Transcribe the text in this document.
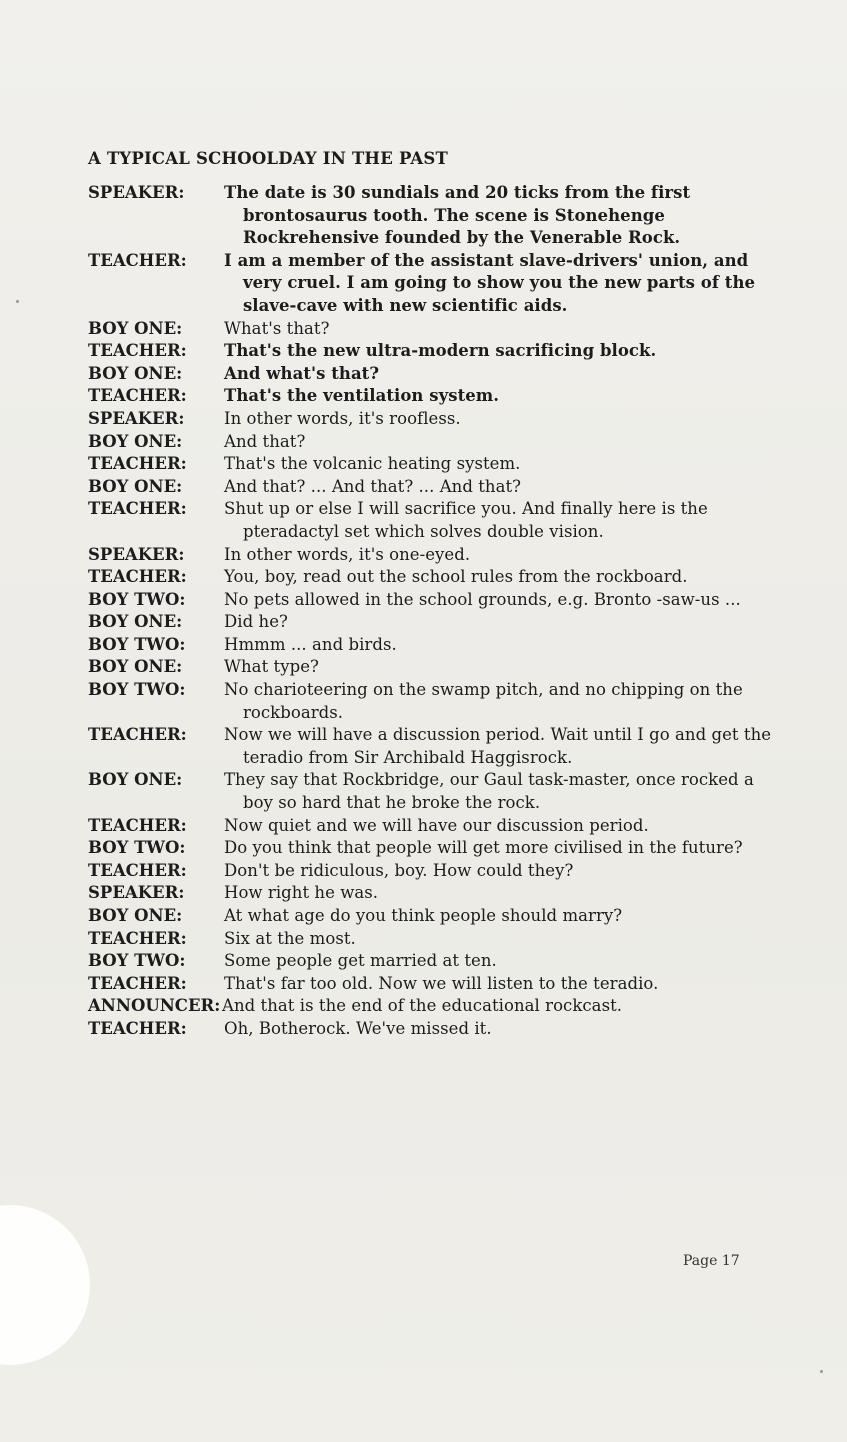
A TYPICAL SCHOOLDAY IN THE PAST
SPEAKER:	The date is 30 sundials and 20 ticks from the first brontosaurus tooth. The scene is Stonehenge Rockrehensive founded by the Venerable Rock.
TEACHER:	I am a member of the assistant slave-drivers' union, and very cruel. I am going to show you the new parts of the slave-cave with new scientific aids.
BOY ONE:	What's that?
TEACHER:	That's the new ultra-modern sacrificing block.
BOY ONE:	And what's that?
TEACHER:	That's the ventilation system.
SPEAKER:	In other words, it's roofless.
BOY ONE:	And that?
TEACHER:	That's the volcanic heating system.
BOY ONE:	And that? ... And that? ... And that?
TEACHER:	Shut up or else I will sacrifice you. And finally here is the pteradactyl set which solves double vision.
SPEAKER:	In other words, it's one-eyed.
TEACHER:	You, boy, read out the school rules from the rockboard.
BOY TWO:	No pets allowed in the school grounds, e.g. Bronto -saw-us ...
BOY ONE:	Did he?
BOY TWO:	Hmmm ... and birds.
BOY ONE:	What type?
BOY TWO:	No charioteering on the swamp pitch, and no chipping on the rockboards.
TEACHER:	Now we will have a discussion period. Wait until I go and get the teradio from Sir Archibald Haggisrock.
BOY ONE:	They say that Rockbridge, our Gaul task-master, once rocked a boy so hard that he broke the rock.
TEACHER:	Now quiet and we will have our discussion period.
BOY TWO:	Do you think that people will get more civilised in the future?
TEACHER:	Don't be ridiculous, boy. How could they?
SPEAKER:	How right he was.
BOY ONE:	At what age do you think people should marry?
TEACHER:	Six at the most.
BOY TWO:	Some people get married at ten.
TEACHER:	That's far too old. Now we will listen to the teradio.
ANNOUNCER: And that is the end of the educational rockcast.
TEACHER:	Oh, Botherock. We've missed it.
Page 17
